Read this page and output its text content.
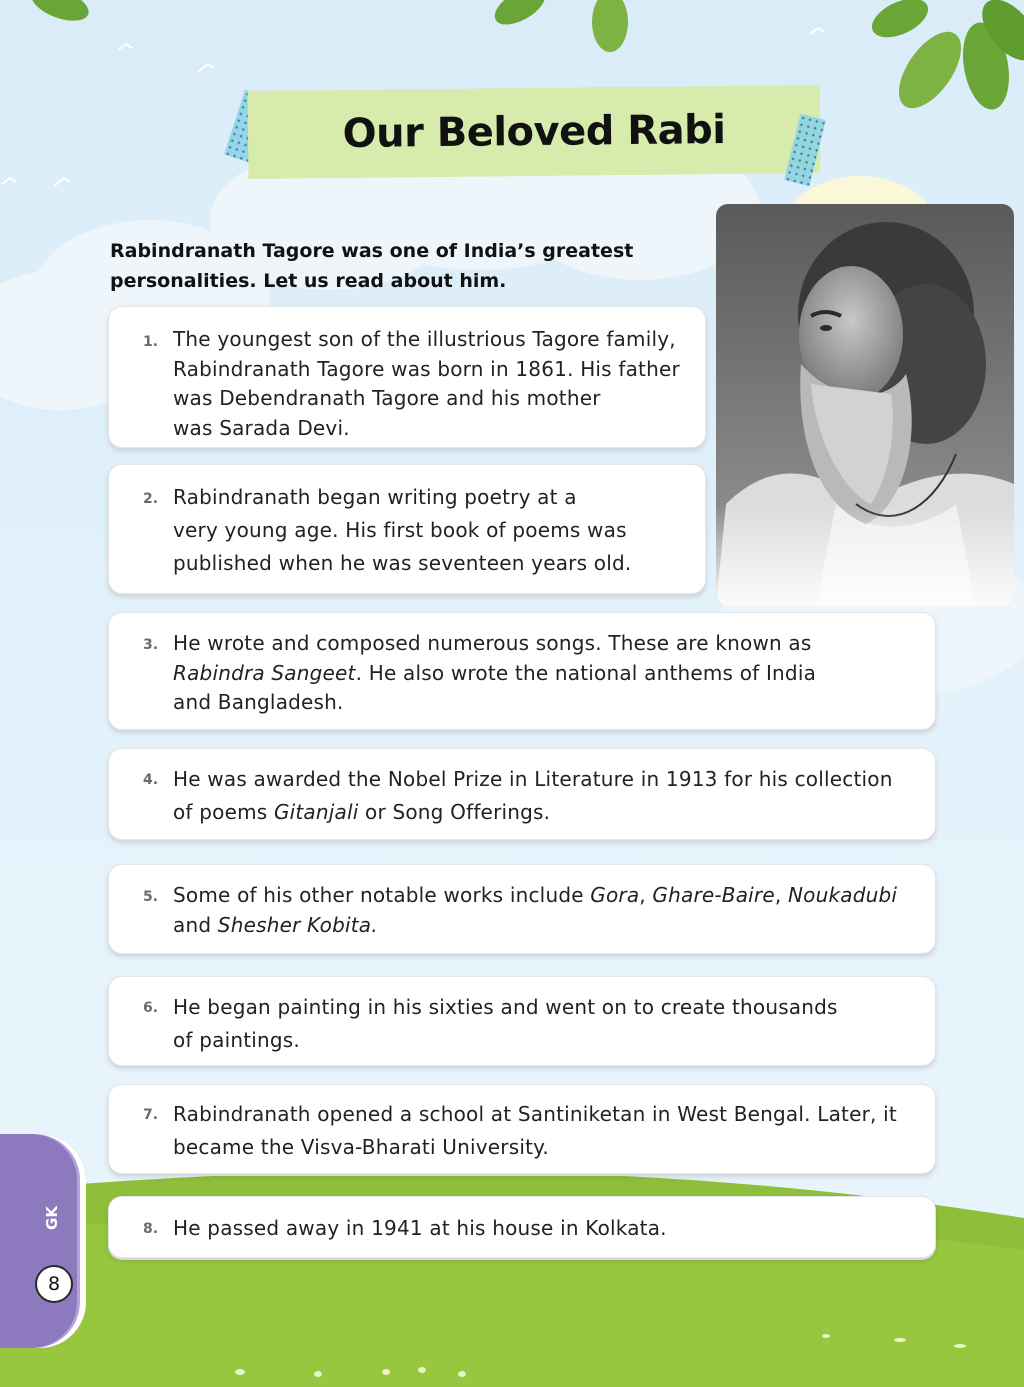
Our Beloved Rabi
Rabindranath Tagore was one of India’s greatest
personalities. Let us read about him.
1. The youngest son of the illustrious Tagore family,
Rabindranath Tagore was born in 1861. His father
was Debendranath Tagore and his mother
was Sarada Devi.
2. Rabindranath began writing poetry at a
very young age. His first book of poems was
published when he was seventeen years old.
3. He wrote and composed numerous songs. These are known as
Rabindra Sangeet. He also wrote the national anthems of India
and Bangladesh.
4. He was awarded the Nobel Prize in Literature in 1913 for his collection
of poems Gitanjali or Song Offerings.
5. Some of his other notable works include Gora, Ghare-Baire, Noukadubi
and Shesher Kobita.
6. He began painting in his sixties and went on to create thousands
of paintings.
7. Rabindranath opened a school at Santiniketan in West Bengal. Later, it
became the Visva-Bharati University.
8. He passed away in 1941 at his house in Kolkata.
GK
8
